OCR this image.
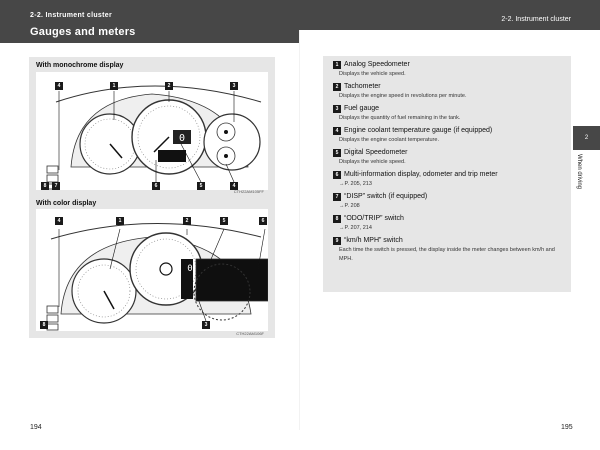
2-2. Instrument cluster
Gauges and meters
2-2. Instrument cluster
With monochrome display
0
4	1	2	3
8	7	6	5	4
CTH22AM105FF
With color display
0
4	1	2	5	6
8	3
CTH22AM106F
1 Analog Speedometer
Displays the vehicle speed.
2 Tachometer
Displays the engine speed in revolutions per minute.
3 Fuel gauge
Displays the quantity of fuel remaining in the tank.
4 Engine coolant temperature gauge (if equipped)
Displays the engine coolant temperature.
5 Digital Speedometer
Displays the vehicle speed.
6 Multi-information display, odometer and trip meter
→P. 205, 213
7 “DISP” switch (if equipped)
→P. 208
8 “ODO/TRIP” switch
→P. 207, 214
9 “km/h MPH” switch
Each time the switch is pressed, the display inside the meter changes between km/h and MPH.
2
When driving
194	195
